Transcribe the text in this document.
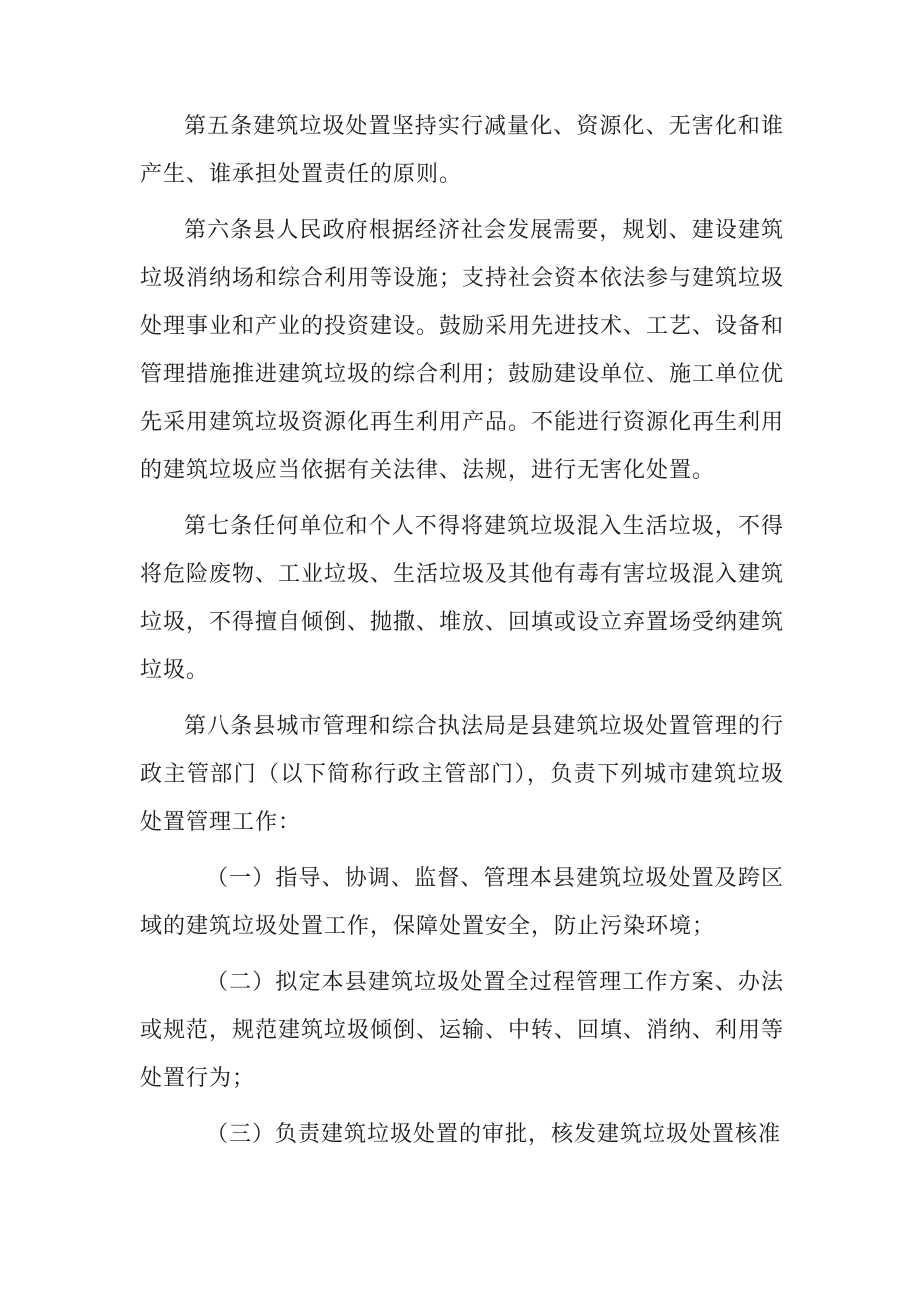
第五条建筑垃圾处置坚持实行减量化、资源化、无害化和谁产生、谁承担处置责任的原则。

第六条县人民政府根据经济社会发展需要，规划、建设建筑垃圾消纳场和综合利用等设施；支持社会资本依法参与建筑垃圾处理事业和产业的投资建设。鼓励采用先进技术、工艺、设备和管理措施推进建筑垃圾的综合利用；鼓励建设单位、施工单位优先采用建筑垃圾资源化再生利用产品。不能进行资源化再生利用的建筑垃圾应当依据有关法律、法规，进行无害化处置。

第七条任何单位和个人不得将建筑垃圾混入生活垃圾，不得将危险废物、工业垃圾、生活垃圾及其他有毒有害垃圾混入建筑垃圾，不得擅自倾倒、抛撒、堆放、回填或设立弃置场受纳建筑垃圾。

第八条县城市管理和综合执法局是县建筑垃圾处置管理的行政主管部门（以下简称行政主管部门），负责下列城市建筑垃圾处置管理工作：

（一）指导、协调、监督、管理本县建筑垃圾处置及跨区域的建筑垃圾处置工作，保障处置安全，防止污染环境；

（二）拟定本县建筑垃圾处置全过程管理工作方案、办法或规范，规范建筑垃圾倾倒、运输、中转、回填、消纳、利用等处置行为；

（三）负责建筑垃圾处置的审批，核发建筑垃圾处置核准
